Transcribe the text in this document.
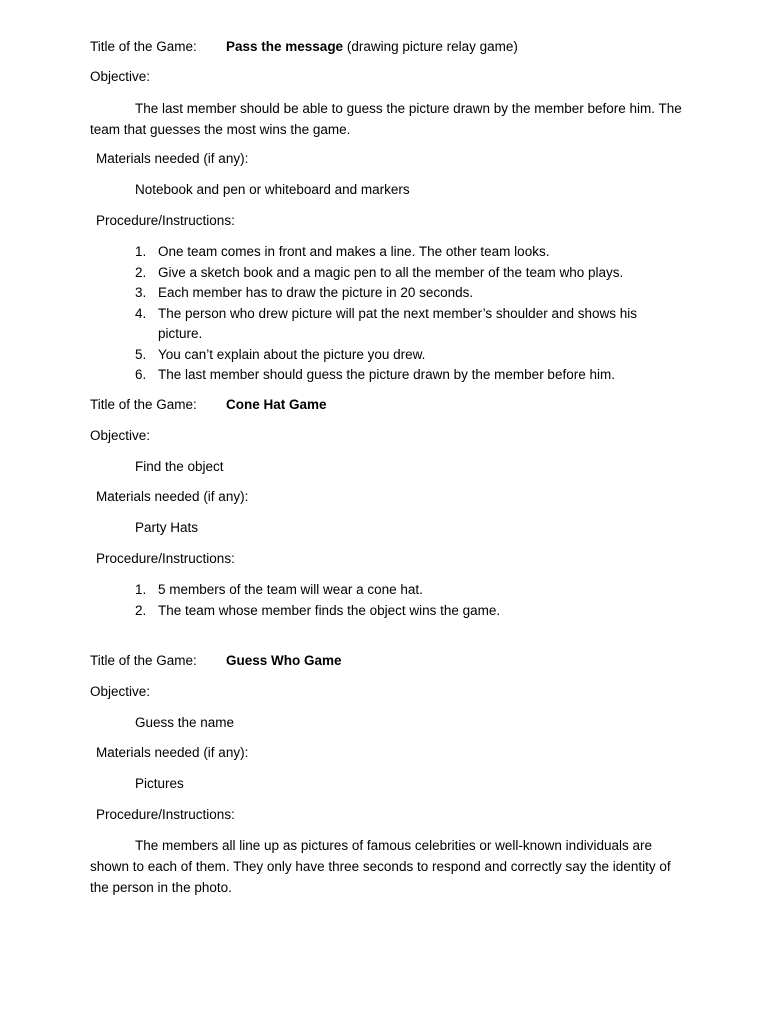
Title of the Game: Pass the message (drawing picture relay game)
Objective:
The last member should be able to guess the picture drawn by the member before him. The team that guesses the most wins the game.
Materials needed (if any):
Notebook and pen or whiteboard and markers
Procedure/Instructions:
1. One team comes in front and makes a line. The other team looks.
2. Give a sketch book and a magic pen to all the member of the team who plays.
3. Each member has to draw the picture in 20 seconds.
4. The person who drew picture will pat the next member’s shoulder and shows his picture.
5. You can’t explain about the picture you drew.
6. The last member should guess the picture drawn by the member before him.
Title of the Game: Cone Hat Game
Objective:
Find the object
Materials needed (if any):
Party Hats
Procedure/Instructions:
1. 5 members of the team will wear a cone hat.
2. The team whose member finds the object wins the game.
Title of the Game: Guess Who Game
Objective:
Guess the name
Materials needed (if any):
Pictures
Procedure/Instructions:
The members all line up as pictures of famous celebrities or well-known individuals are shown to each of them. They only have three seconds to respond and correctly say the identity of the person in the photo.
